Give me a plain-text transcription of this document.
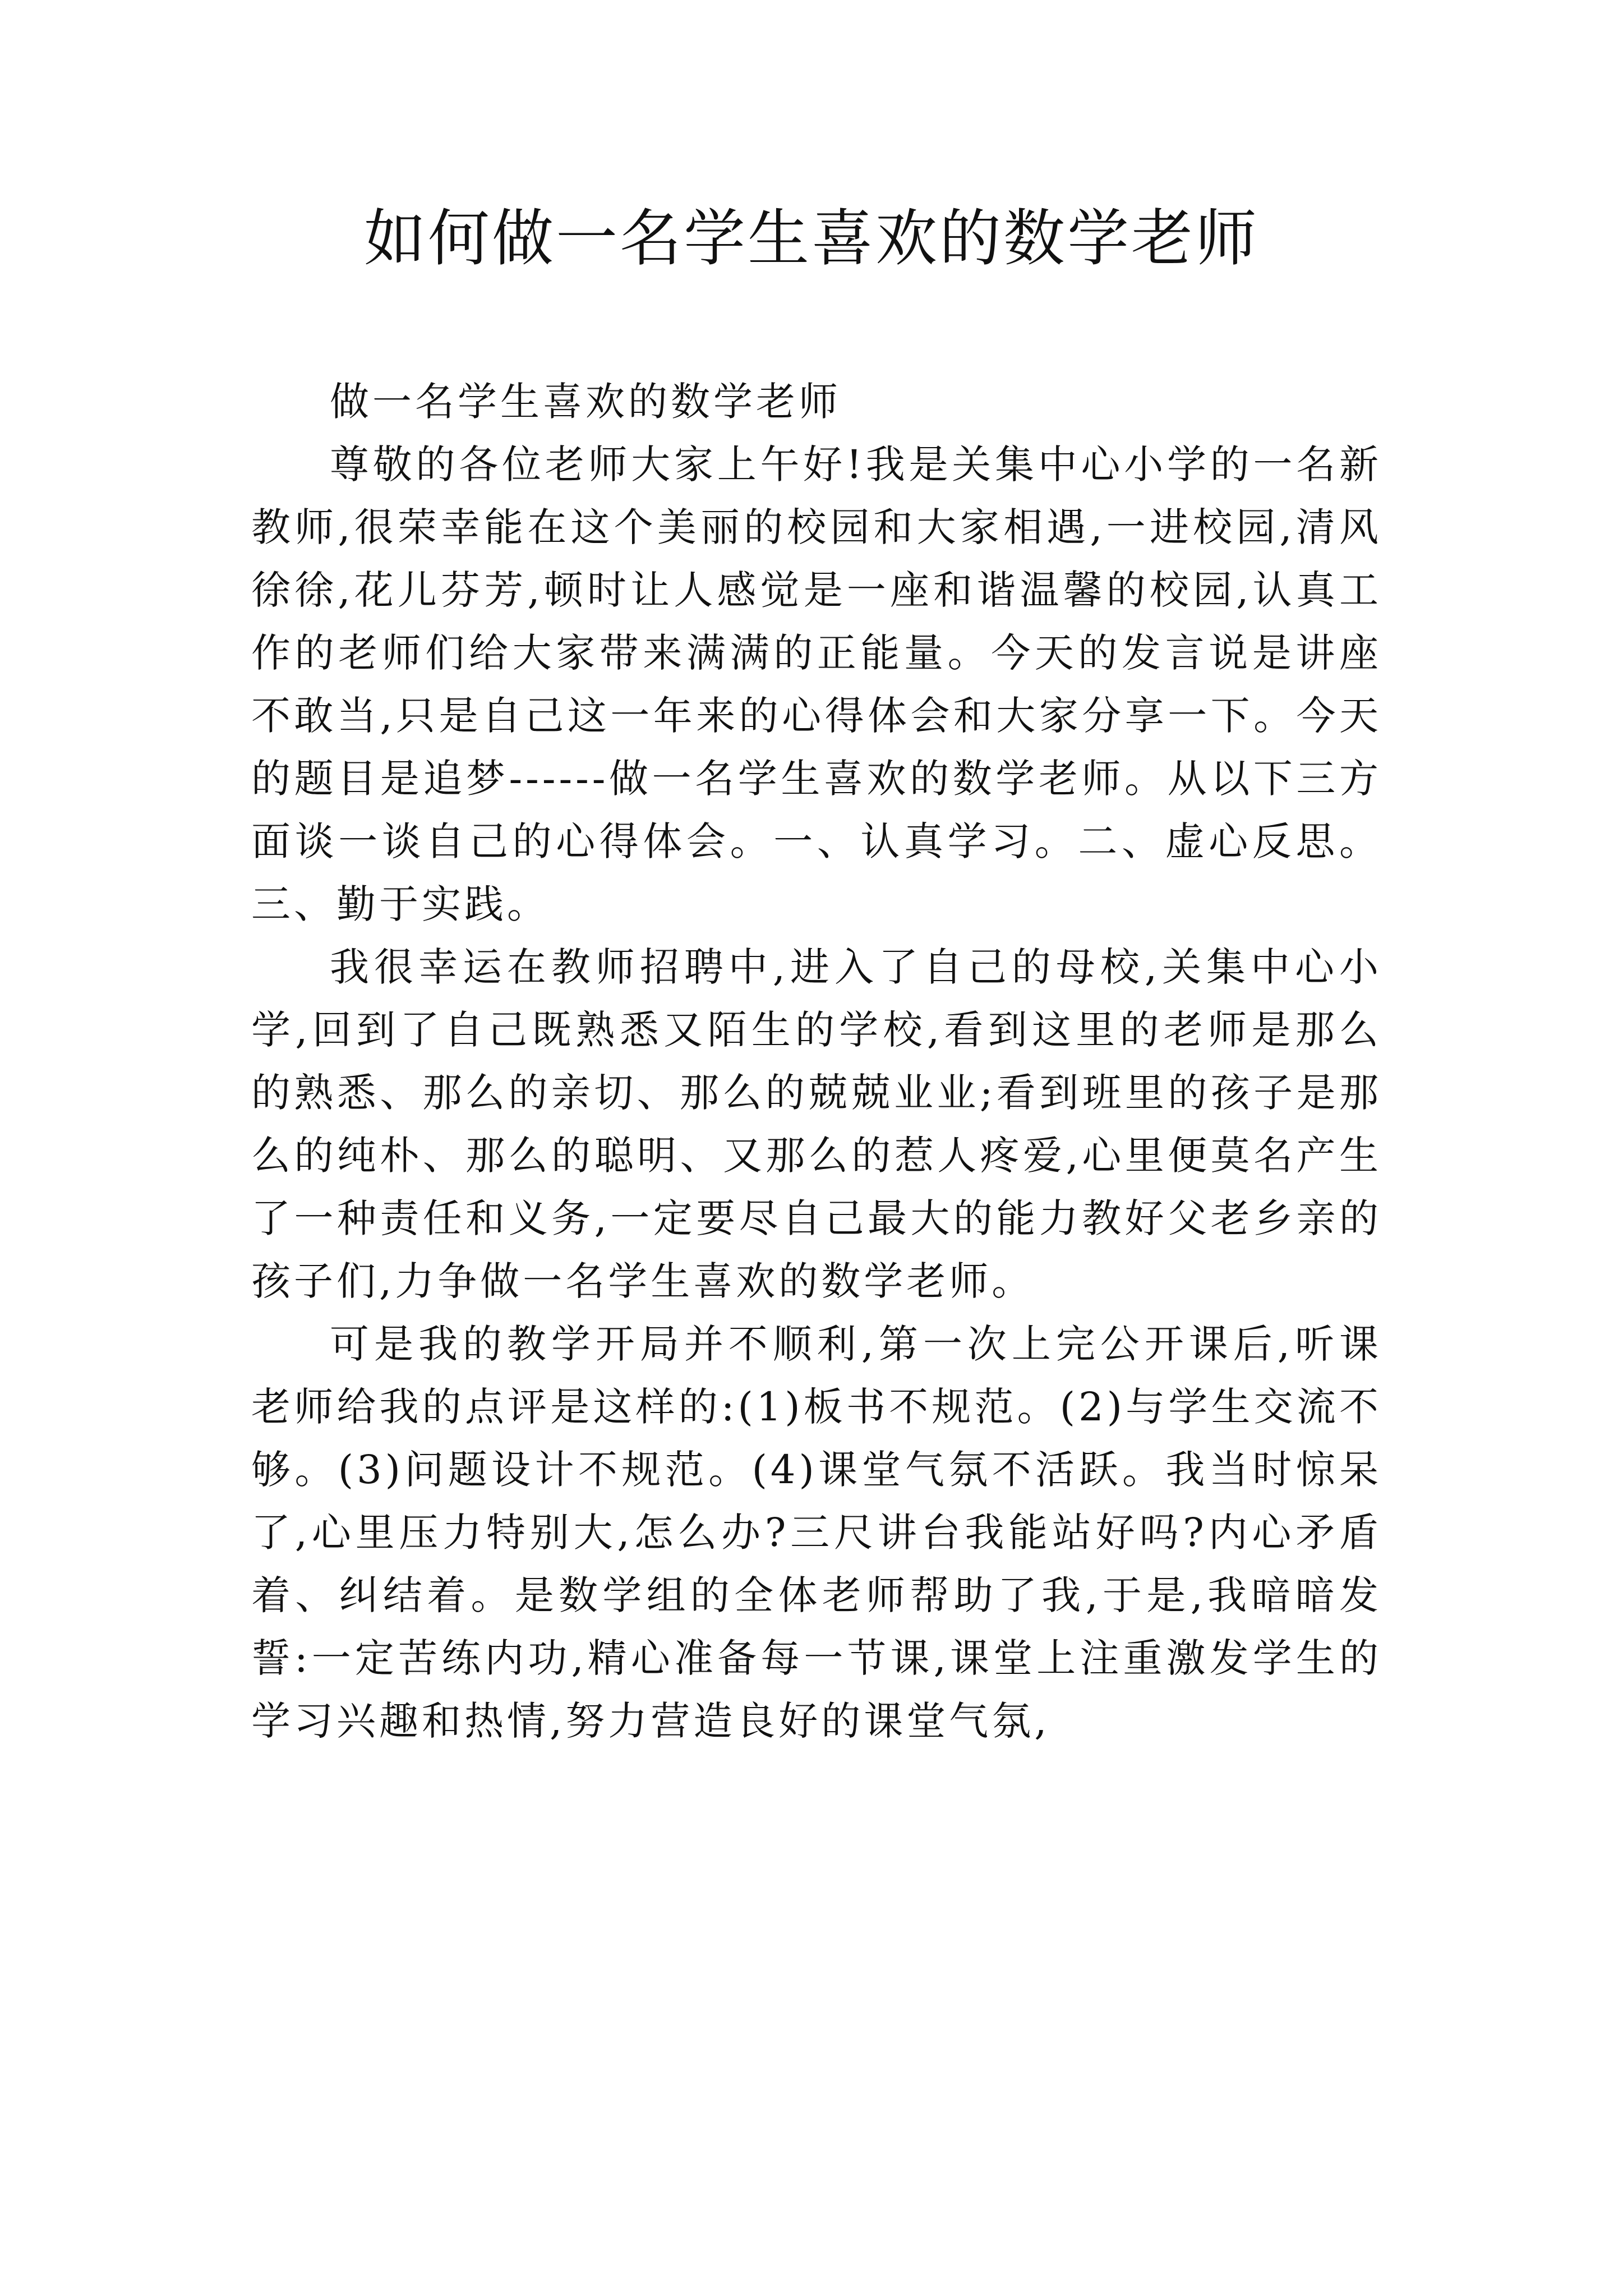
如何做一名学生喜欢的数学老师

做一名学生喜欢的数学老师

尊敬的各位老师大家上午好!我是关集中心小学的一名新教师,很荣幸能在这个美丽的校园和大家相遇,一进校园,清风徐徐,花儿芬芳,顿时让人感觉是一座和谐温馨的校园,认真工作的老师们给大家带来满满的正能量。今天的发言说是讲座不敢当,只是自己这一年来的心得体会和大家分享一下。今天的题目是追梦------做一名学生喜欢的数学老师。从以下三方面谈一谈自己的心得体会。一、认真学习。二、虚心反思。三、勤于实践。

我很幸运在教师招聘中,进入了自己的母校,关集中心小学,回到了自己既熟悉又陌生的学校,看到这里的老师是那么的熟悉、那么的亲切、那么的兢兢业业;看到班里的孩子是那么的纯朴、那么的聪明、又那么的惹人疼爱,心里便莫名产生了一种责任和义务,一定要尽自己最大的能力教好父老乡亲的孩子们,力争做一名学生喜欢的数学老师。

可是我的教学开局并不顺利,第一次上完公开课后,听课老师给我的点评是这样的:(1)板书不规范。(2)与学生交流不够。(3)问题设计不规范。(4)课堂气氛不活跃。我当时惊呆了,心里压力特别大,怎么办?三尺讲台我能站好吗?内心矛盾着、纠结着。是数学组的全体老师帮助了我,于是,我暗暗发誓:一定苦练内功,精心准备每一节课,课堂上注重激发学生的学习兴趣和热情,努力营造良好的课堂气氛,
